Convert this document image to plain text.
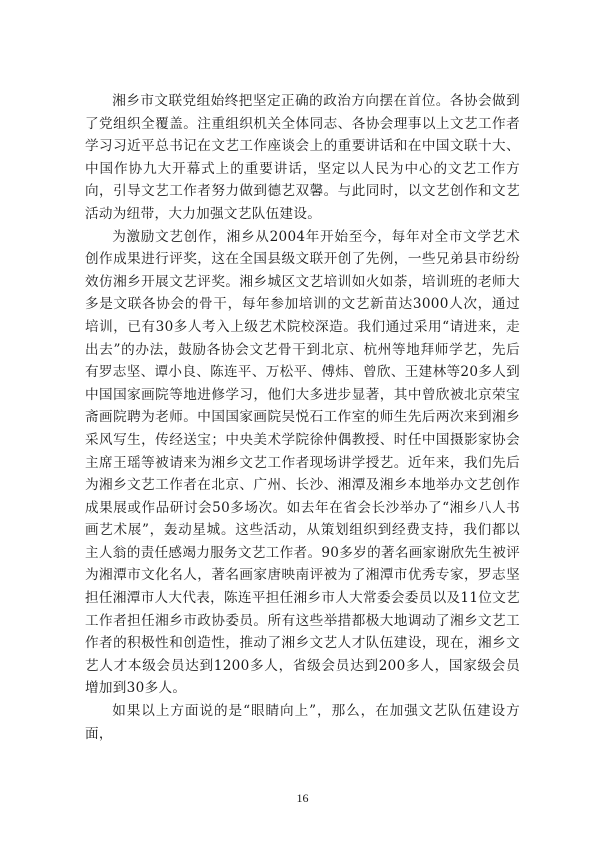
湘乡市文联党组始终把坚定正确的政治方向摆在首位。各协会做到了党组织全覆盖。注重组织机关全体同志、各协会理事以上文艺工作者学习习近平总书记在文艺工作座谈会上的重要讲话和在中国文联十大、中国作协九大开幕式上的重要讲话，坚定以人民为中心的文艺工作方向，引导文艺工作者努力做到德艺双馨。与此同时，以文艺创作和文艺活动为纽带，大力加强文艺队伍建设。

为激励文艺创作，湘乡从2004年开始至今，每年对全市文学艺术创作成果进行评奖，这在全国县级文联开创了先例，一些兄弟县市纷纷效仿湘乡开展文艺评奖。湘乡城区文艺培训如火如荼，培训班的老师大多是文联各协会的骨干，每年参加培训的文艺新苗达3000人次，通过培训，已有30多人考入上级艺术院校深造。我们通过采用“请进来，走出去”的办法，鼓励各协会文艺骨干到北京、杭州等地拜师学艺，先后有罗志坚、谭小良、陈连平、万松平、傅炜、曾欣、王建林等20多人到中国国家画院等地进修学习，他们大多进步显著，其中曾欣被北京荣宝斋画院聘为老师。中国国家画院吴悦石工作室的师生先后两次来到湘乡采风写生，传经送宝；中央美术学院徐仲偶教授、时任中国摄影家协会主席王瑶等被请来为湘乡文艺工作者现场讲学授艺。近年来，我们先后为湘乡文艺工作者在北京、广州、长沙、湘潭及湘乡本地举办文艺创作成果展或作品研讨会50多场次。如去年在省会长沙举办了“湘乡八人书画艺术展”，轰动星城。这些活动，从策划组织到经费支持，我们都以主人翁的责任感竭力服务文艺工作者。90多岁的著名画家谢欣先生被评为湘潭市文化名人，著名画家唐映南评被为了湘潭市优秀专家，罗志坚担任湘潭市人大代表，陈连平担任湘乡市人大常委会委员以及11位文艺工作者担任湘乡市政协委员。所有这些举措都极大地调动了湘乡文艺工作者的积极性和创造性，推动了湘乡文艺人才队伍建设，现在，湘乡文艺人才本级会员达到1200多人，省级会员达到200多人，国家级会员增加到30多人。

如果以上方面说的是“眼睛向上”，那么，在加强文艺队伍建设方面，

16
